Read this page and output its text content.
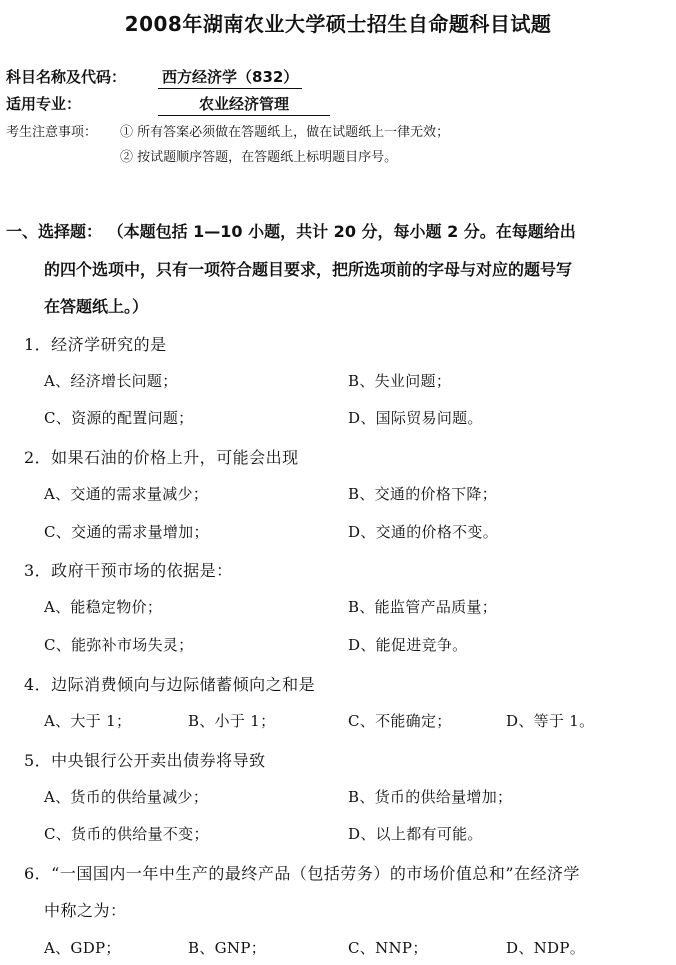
2008年湖南农业大学硕士招生自命题科目试题
科目名称及代码： 西方经济学（832）
适用专业：	农业经济管理
考生注意事项： ① 所有答案必须做在答题纸上，做在试题纸上一律无效；
② 按试题顺序答题，在答题纸上标明题目序号。
一、选择题： （本题包括 1—10 小题，共计 20 分，每小题 2 分。在每题给出
的四个选项中，只有一项符合题目要求，把所选项前的字母与对应的题号写
在答题纸上。）
1．经济学研究的是
A、经济增长问题；	B、失业问题；
C、资源的配置问题；	D、国际贸易问题。
2．如果石油的价格上升，可能会出现
A、交通的需求量减少；	B、交通的价格下降；
C、交通的需求量增加；	D、交通的价格不变。
3．政府干预市场的依据是：
A、能稳定物价；	B、能监管产品质量；
C、能弥补市场失灵；	D、能促进竞争。
4．边际消费倾向与边际储蓄倾向之和是
A、大于 1；	B、小于 1；	C、不能确定；	D、等于 1。
5．中央银行公开卖出债券将导致
A、货币的供给量减少；	B、货币的供给量增加；
C、货币的供给量不变；	D、以上都有可能。
6．“一国国内一年中生产的最终产品（包括劳务）的市场价值总和”在经济学
中称之为：
A、GDP；	B、GNP；	C、NNP；	D、NDP。
